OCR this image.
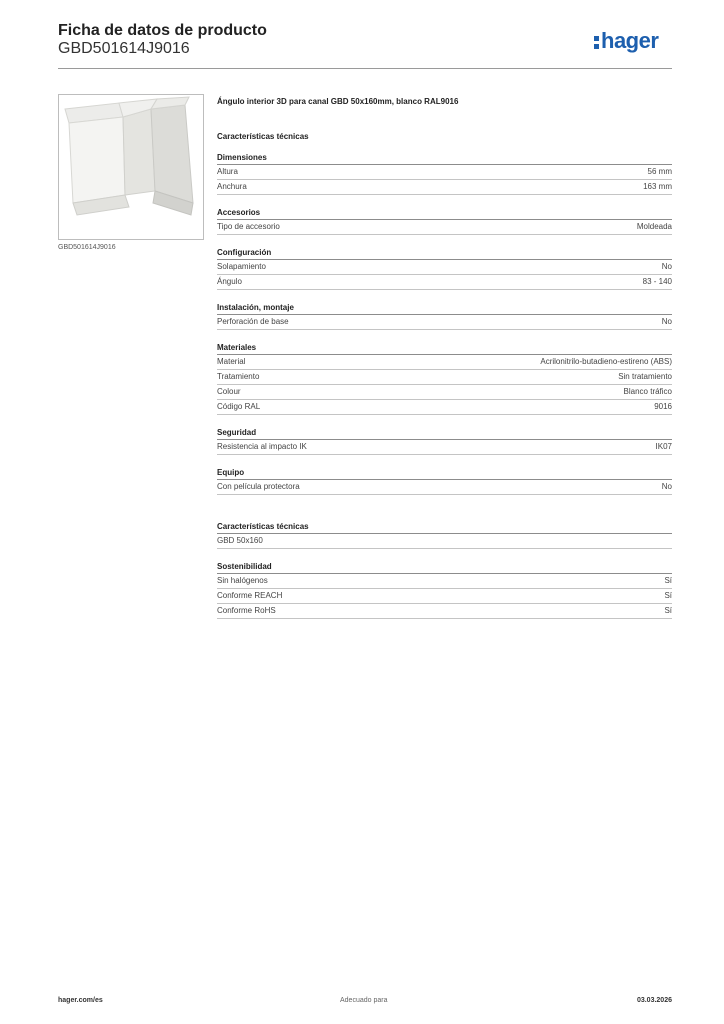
Ficha de datos de producto
GBD501614J9016	hager
GBD501614J9016
Ángulo interior 3D para canal GBD 50x160mm, blanco RAL9016
Características técnicas
Dimensiones
Altura	56 mm
Anchura	163 mm
Accesorios
Tipo de accesorio	Moldeada
Configuración
Solapamiento	No
Ángulo	83 - 140
Instalación, montaje
Perforación de base	No
Materiales
Material	Acrilonitrilo-butadieno-estireno (ABS)
Tratamiento	Sin tratamiento
Colour	Blanco tráfico
Código RAL	9016
Seguridad
Resistencia al impacto IK	IK07
Equipo
Con película protectora	No
Características técnicas
GBD 50x160
Sostenibilidad
Sin halógenos	Sí
Conforme REACH	Sí
Conforme RoHS	Sí
hager.com/es	Adecuado para	03.03.2026
